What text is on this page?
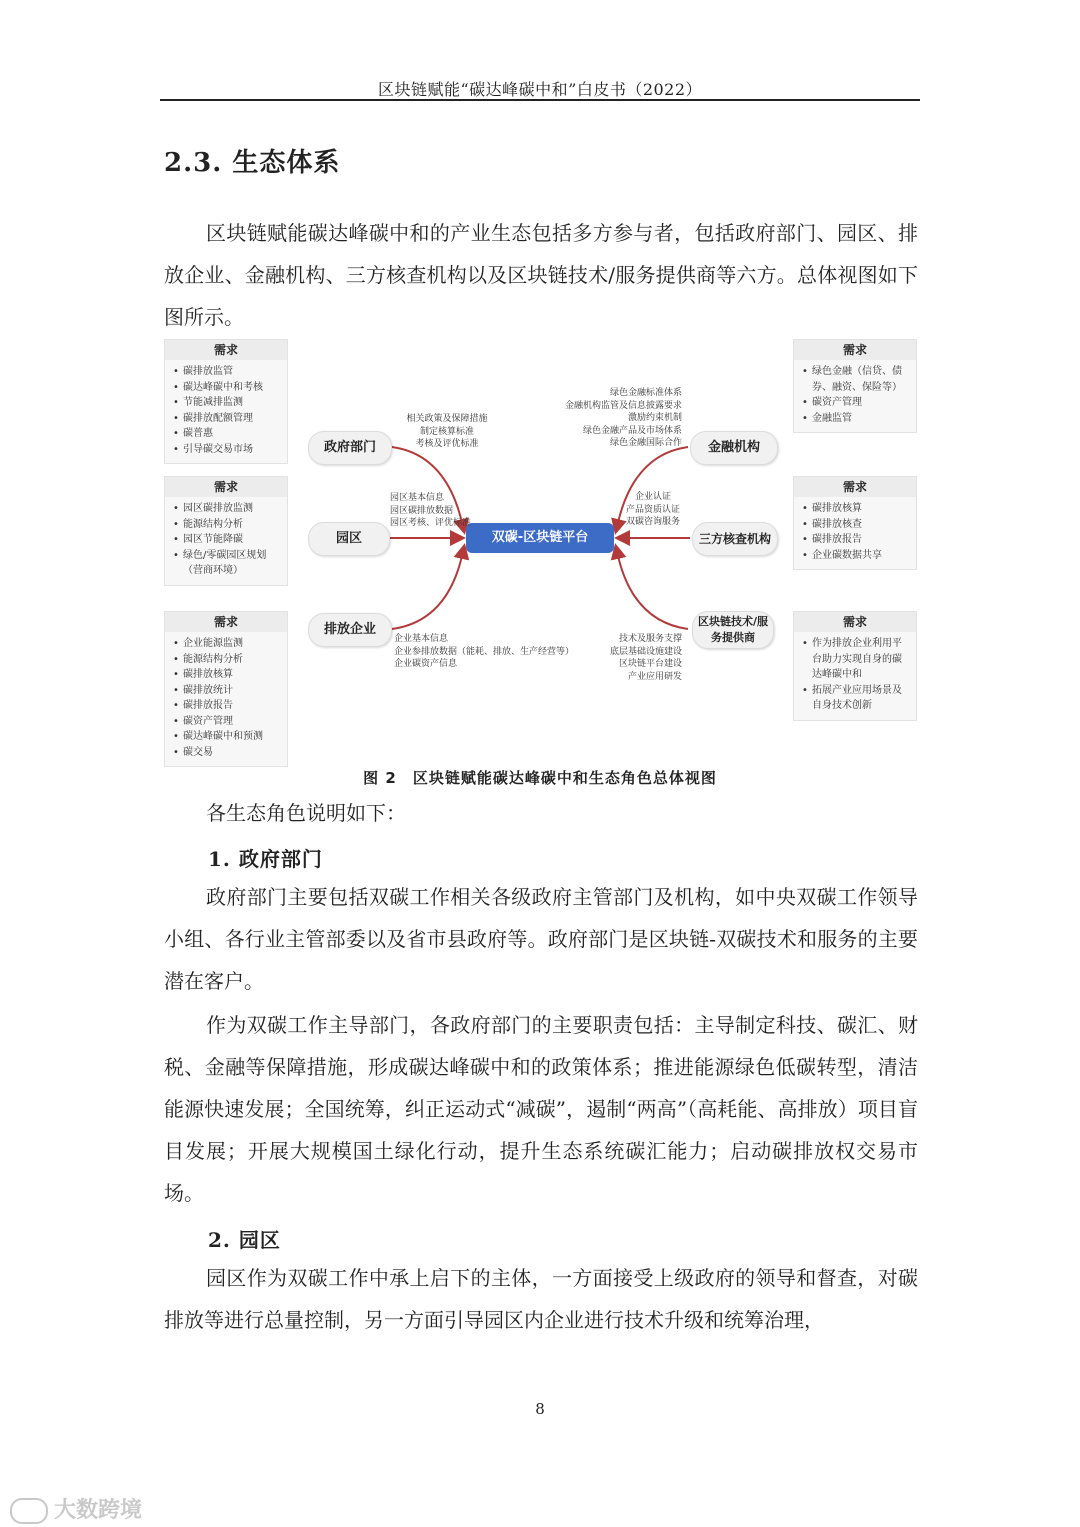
区块链赋能“碳达峰碳中和”白皮书（2022）
2.3. 生态体系

区块链赋能碳达峰碳中和的产业生态包括多方参与者，包括政府部门、园区、排放企业、金融机构、三方核查机构以及区块链技术/服务提供商等六方。总体视图如下图所示。

需求
• 碳排放监管
• 碳达峰碳中和考核
• 节能减排监测
• 碳排放配额管理
• 碳普惠
• 引导碳交易市场
需求
• 园区碳排放监测
• 能源结构分析
• 园区节能降碳
• 绿色/零碳园区规划（营商环境）
需求
• 企业能源监测
• 能源结构分析
• 碳排放核算
• 碳排放统计
• 碳排放报告
• 碳资产管理
• 碳达峰碳中和预测
• 碳交易
需求
• 绿色金融（信贷、债券、融资、保险等）
• 碳资产管理
• 金融监管
需求
• 碳排放核算
• 碳排放核查
• 碳排放报告
• 企业碳数据共享
需求
• 作为排放企业利用平台助力实现自身的碳达峰碳中和
• 拓展产业应用场景及自身技术创新
政府部门
园区
排放企业
金融机构
三方核查机构
区块链技术/服务提供商
双碳-区块链平台
相关政策及保障措施
制定核算标准
考核及评优标准
园区基本信息
园区碳排放数据
园区考核、评优标准
企业基本信息
企业参排放数据（能耗、排放、生产经营等）
企业碳资产信息
绿色金融标准体系
金融机构监管及信息披露要求
激励约束机制
绿色金融产品及市场体系
绿色金融国际合作
企业认证
产品资质认证
双碳咨询服务
技术及服务支撑
底层基础设施建设
区块链平台建设
产业应用研发
图 2　区块链赋能碳达峰碳中和生态角色总体视图

各生态角色说明如下：

1. 政府部门

政府部门主要包括双碳工作相关各级政府主管部门及机构，如中央双碳工作领导小组、各行业主管部委以及省市县政府等。政府部门是区块链-双碳技术和服务的主要潜在客户。

作为双碳工作主导部门，各政府部门的主要职责包括：主导制定科技、碳汇、财税、金融等保障措施，形成碳达峰碳中和的政策体系；推进能源绿色低碳转型，清洁能源快速发展；全国统筹，纠正运动式“减碳”，遏制“两高”（高耗能、高排放）项目盲目发展；开展大规模国土绿化行动，提升生态系统碳汇能力；启动碳排放权交易市场。

2. 园区

园区作为双碳工作中承上启下的主体，一方面接受上级政府的领导和督查，对碳排放等进行总量控制，另一方面引导园区内企业进行技术升级和统筹治理，

8
大数跨境
